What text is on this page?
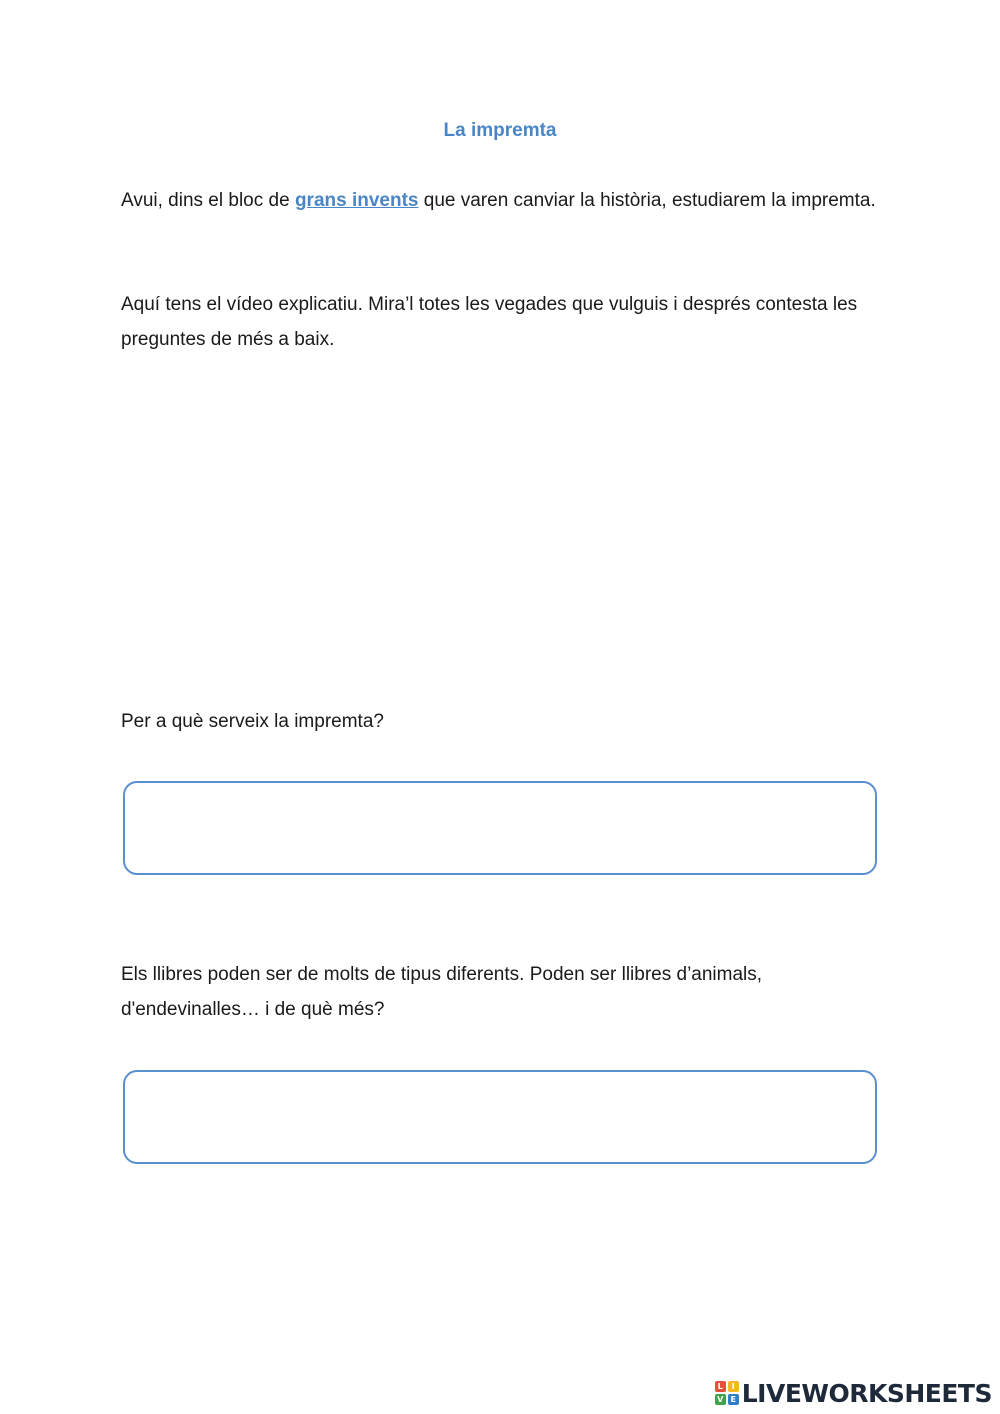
La impremta
Avui, dins el bloc de grans invents que varen canviar la història, estudiarem la impremta.
Aquí tens el vídeo explicatiu. Mira’l totes les vegades que vulguis i després contesta les preguntes de més a baix.
Per a què serveix la impremta?
Els llibres poden ser de molts de tipus diferents. Poden ser llibres d’animals, d'endevinalles… i de què més?
L	I
V E LIVEWORKSHEETS
